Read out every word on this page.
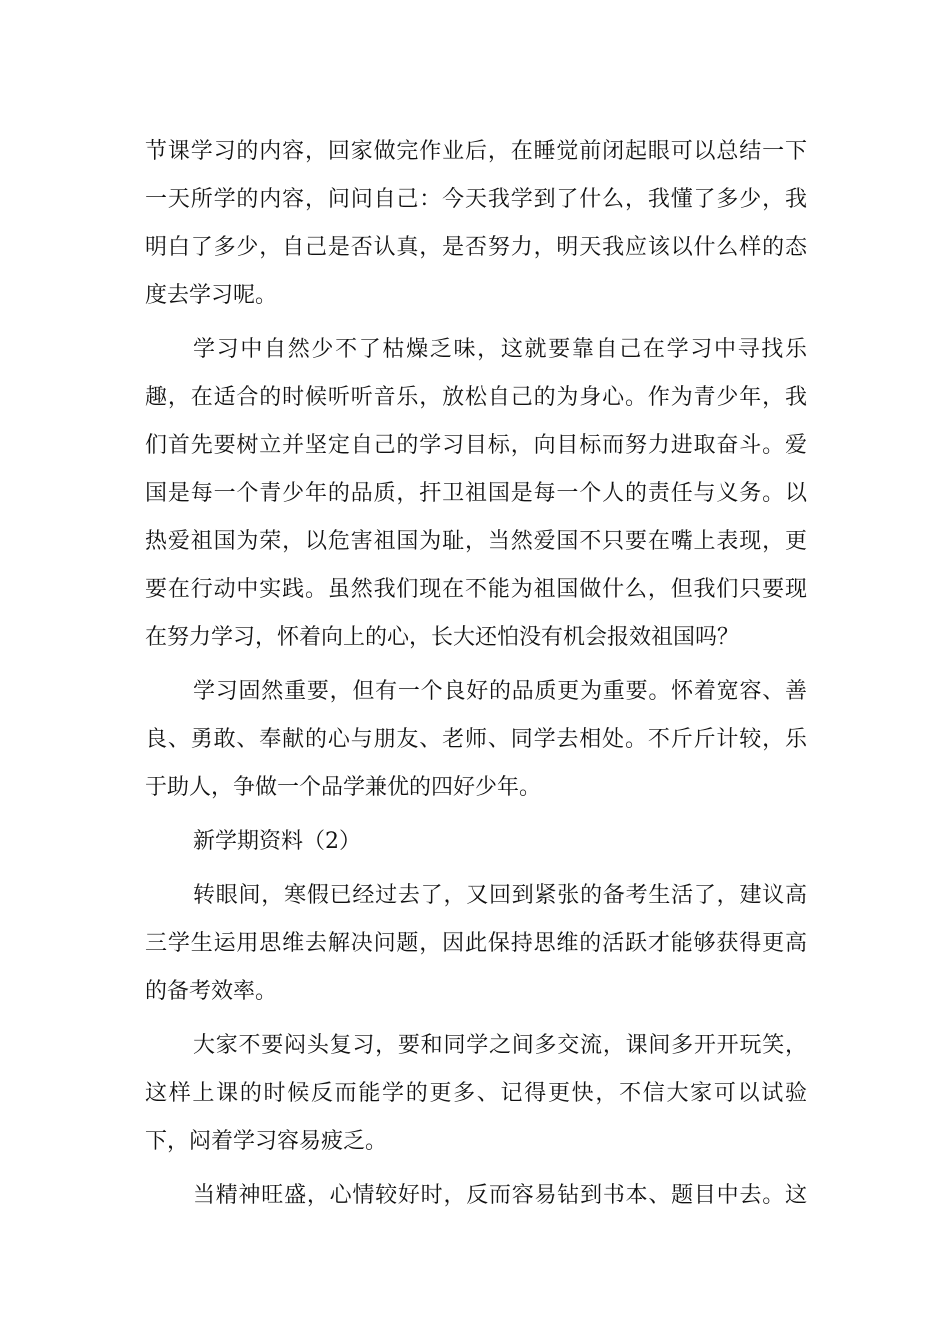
节课学习的内容，回家做完作业后，在睡觉前闭起眼可以总结一下
一天所学的内容，问问自己：今天我学到了什么，我懂了多少，我
明白了多少，自己是否认真，是否努力，明天我应该以什么样的态
度去学习呢。

学习中自然少不了枯燥乏味，这就要靠自己在学习中寻找乐
趣，在适合的时候听听音乐，放松自己的为身心。作为青少年，我
们首先要树立并坚定自己的学习目标，向目标而努力进取奋斗。爱
国是每一个青少年的品质，扞卫祖国是每一个人的责任与义务。以
热爱祖国为荣，以危害祖国为耻，当然爱国不只要在嘴上表现，更
要在行动中实践。虽然我们现在不能为祖国做什么，但我们只要现
在努力学习，怀着向上的心，长大还怕没有机会报效祖国吗？

学习固然重要，但有一个良好的品质更为重要。怀着宽容、善
良、勇敢、奉献的心与朋友、老师、同学去相处。不斤斤计较，乐
于助人，争做一个品学兼优的四好少年。

新学期资料（2）

转眼间，寒假已经过去了，又回到紧张的备考生活了，建议高
三学生运用思维去解决问题，因此保持思维的活跃才能够获得更高
的备考效率。

大家不要闷头复习，要和同学之间多交流，课间多开开玩笑，
这样上课的时候反而能学的更多、记得更快，不信大家可以试验
下，闷着学习容易疲乏。

当精神旺盛，心情较好时，反而容易钻到书本、题目中去。这
